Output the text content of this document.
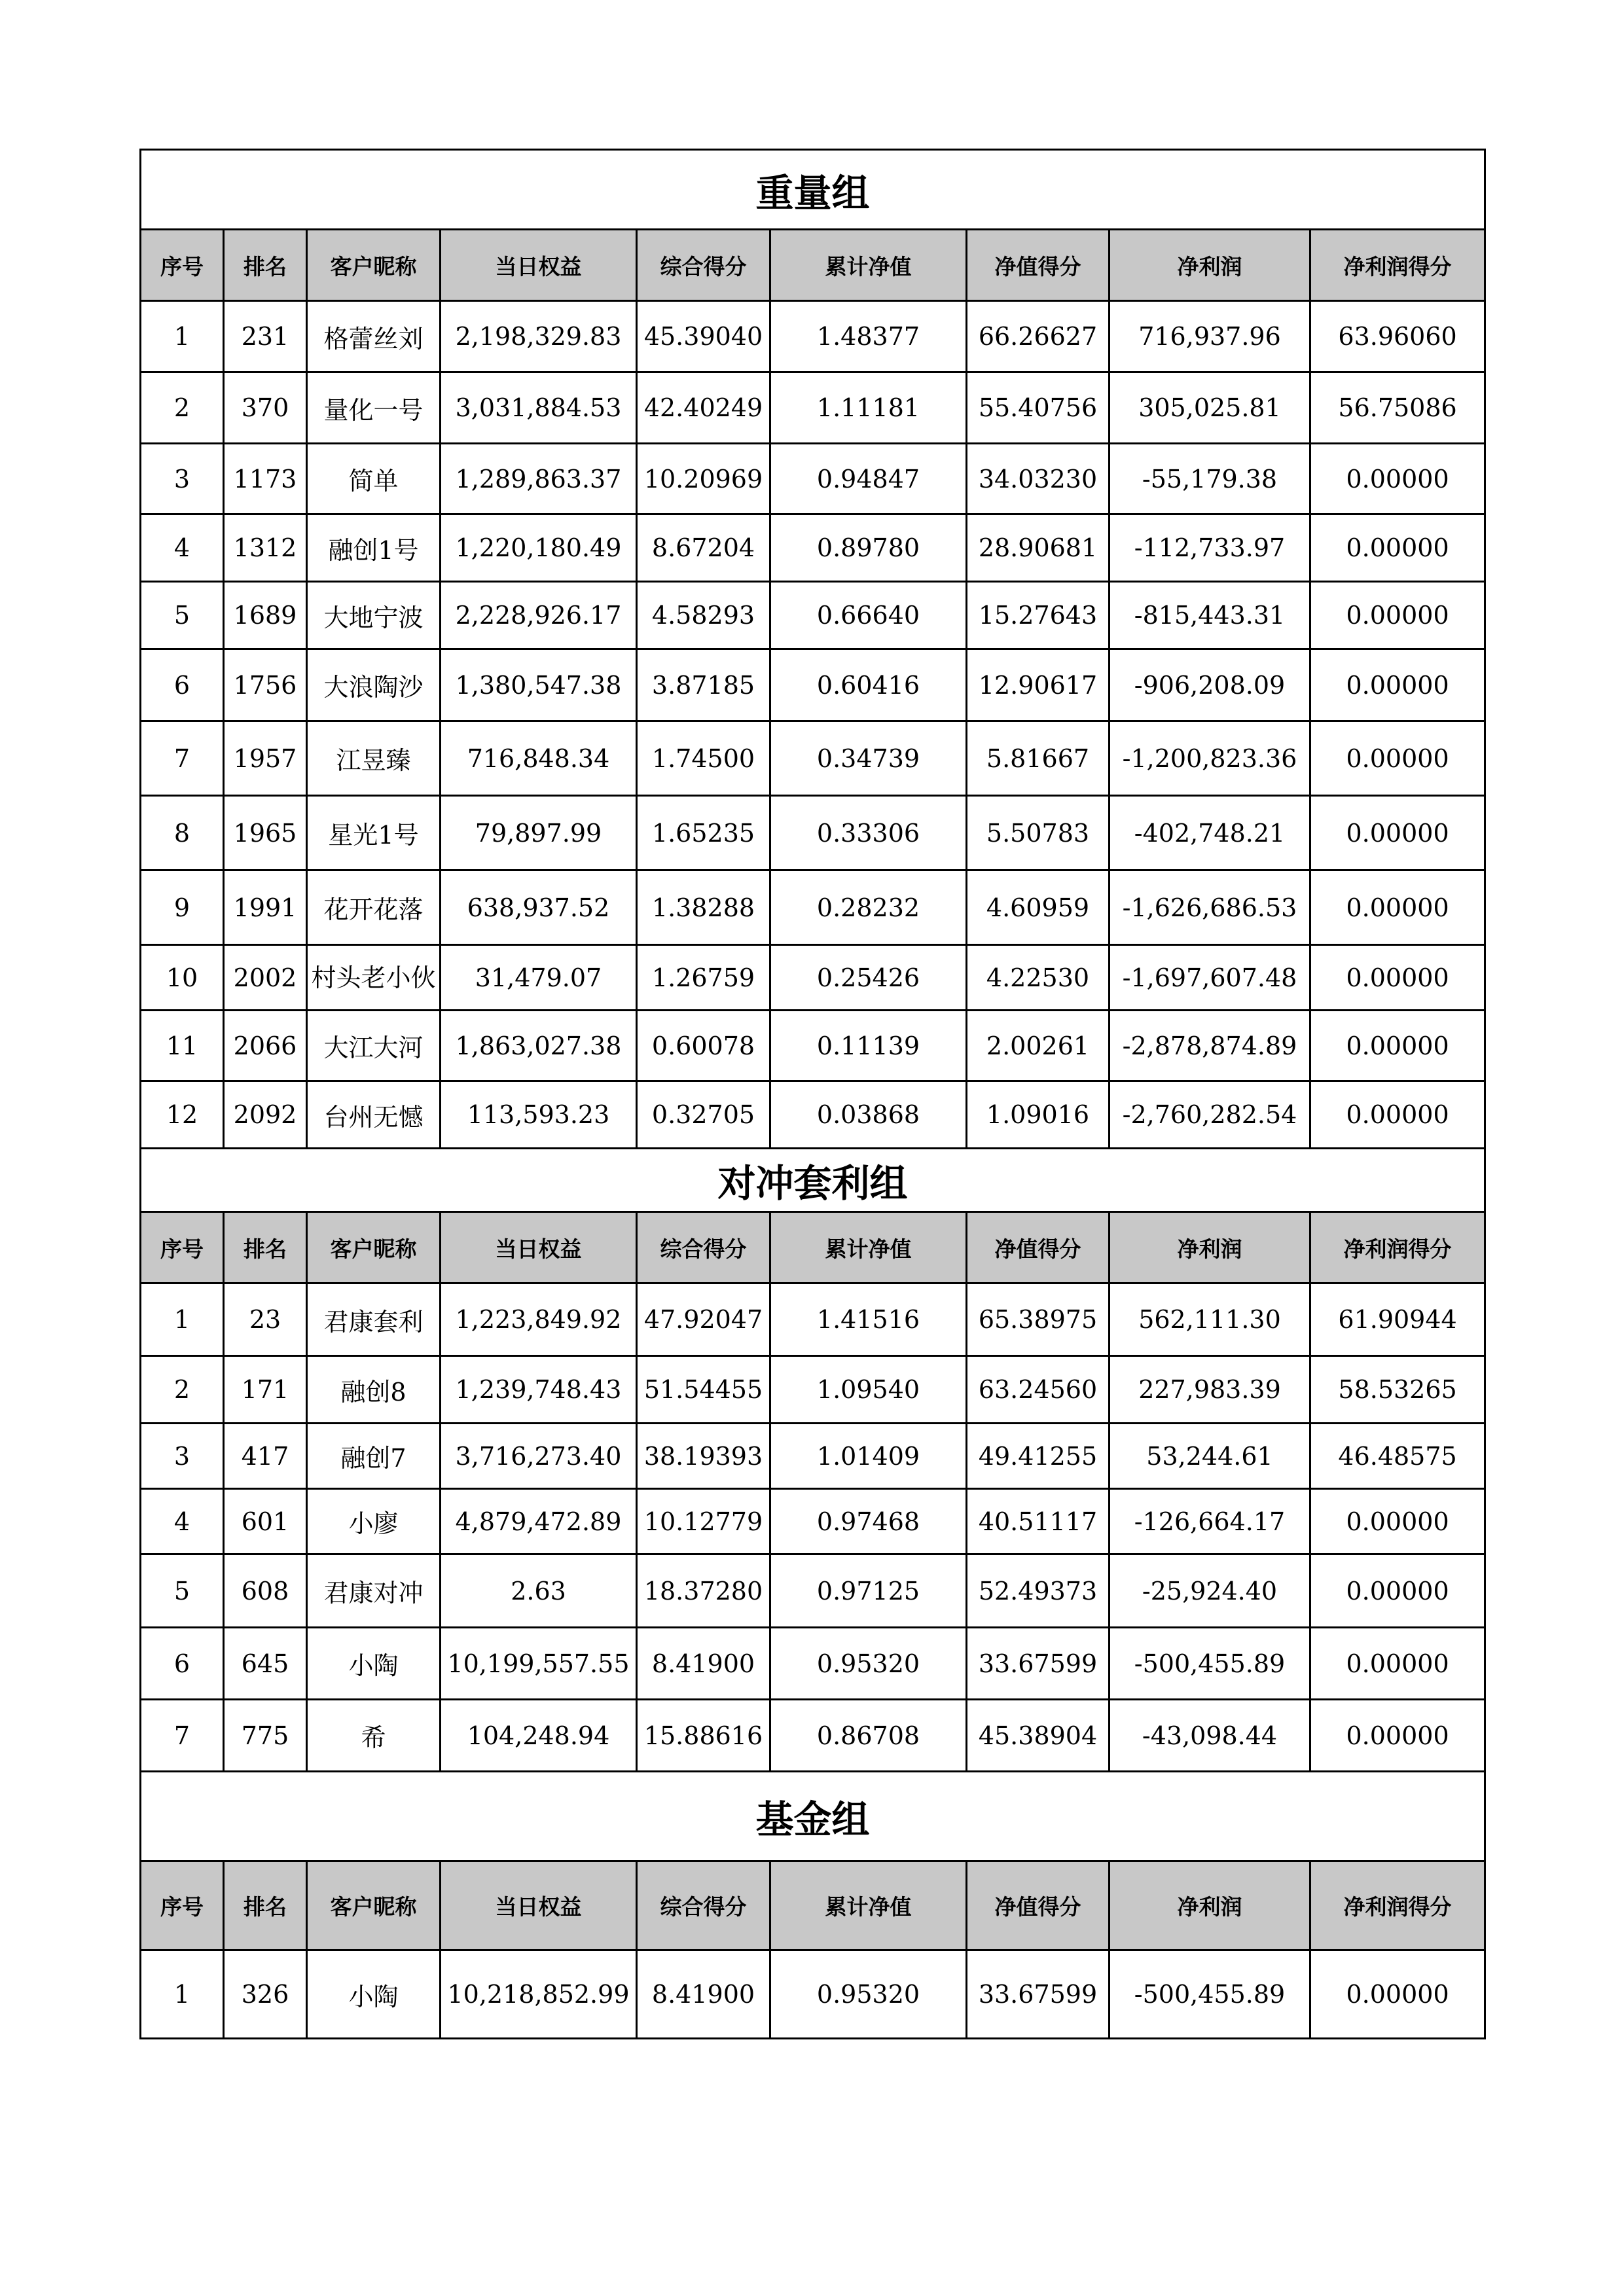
重量组								
序号	排名	客户昵称	当日权益	综合得分	累计净值	净值得分	净利润	净利润得分
1	231	格蕾丝刘	2,198,329.83	45.39040	1.48377	66.26627	716,937.96	63.96060
2	370	量化一号	3,031,884.53	42.40249	1.11181	55.40756	305,025.81	56.75086
3	1173	简单	1,289,863.37	10.20969	0.94847	34.03230	-55,179.38	0.00000
4	1312	融创1号	1,220,180.49	8.67204	0.89780	28.90681	-112,733.97	0.00000
5	1689	大地宁波	2,228,926.17	4.58293	0.66640	15.27643	-815,443.31	0.00000
6	1756	大浪陶沙	1,380,547.38	3.87185	0.60416	12.90617	-906,208.09	0.00000
7	1957	江昱臻	716,848.34	1.74500	0.34739	5.81667	-1,200,823.36	0.00000
8	1965	星光1号	79,897.99	1.65235	0.33306	5.50783	-402,748.21	0.00000
9	1991	花开花落	638,937.52	1.38288	0.28232	4.60959	-1,626,686.53	0.00000
10	2002	村头老小伙	31,479.07	1.26759	0.25426	4.22530	-1,697,607.48	0.00000
11	2066	大江大河	1,863,027.38	0.60078	0.11139	2.00261	-2,878,874.89	0.00000
12	2092	台州无憾	113,593.23	0.32705	0.03868	1.09016	-2,760,282.54	0.00000
对冲套利组								
序号	排名	客户昵称	当日权益	综合得分	累计净值	净值得分	净利润	净利润得分
1	23	君康套利	1,223,849.92	47.92047	1.41516	65.38975	562,111.30	61.90944
2	171	融创8	1,239,748.43	51.54455	1.09540	63.24560	227,983.39	58.53265
3	417	融创7	3,716,273.40	38.19393	1.01409	49.41255	53,244.61	46.48575
4	601	小廖	4,879,472.89	10.12779	0.97468	40.51117	-126,664.17	0.00000
5	608	君康对冲	2.63	18.37280	0.97125	52.49373	-25,924.40	0.00000
6	645	小陶	10,199,557.55	8.41900	0.95320	33.67599	-500,455.89	0.00000
7	775	希	104,248.94	15.88616	0.86708	45.38904	-43,098.44	0.00000
基金组								
序号	排名	客户昵称	当日权益	综合得分	累计净值	净值得分	净利润	净利润得分
1	326	小陶	10,218,852.99	8.41900	0.95320	33.67599	-500,455.89	0.00000
